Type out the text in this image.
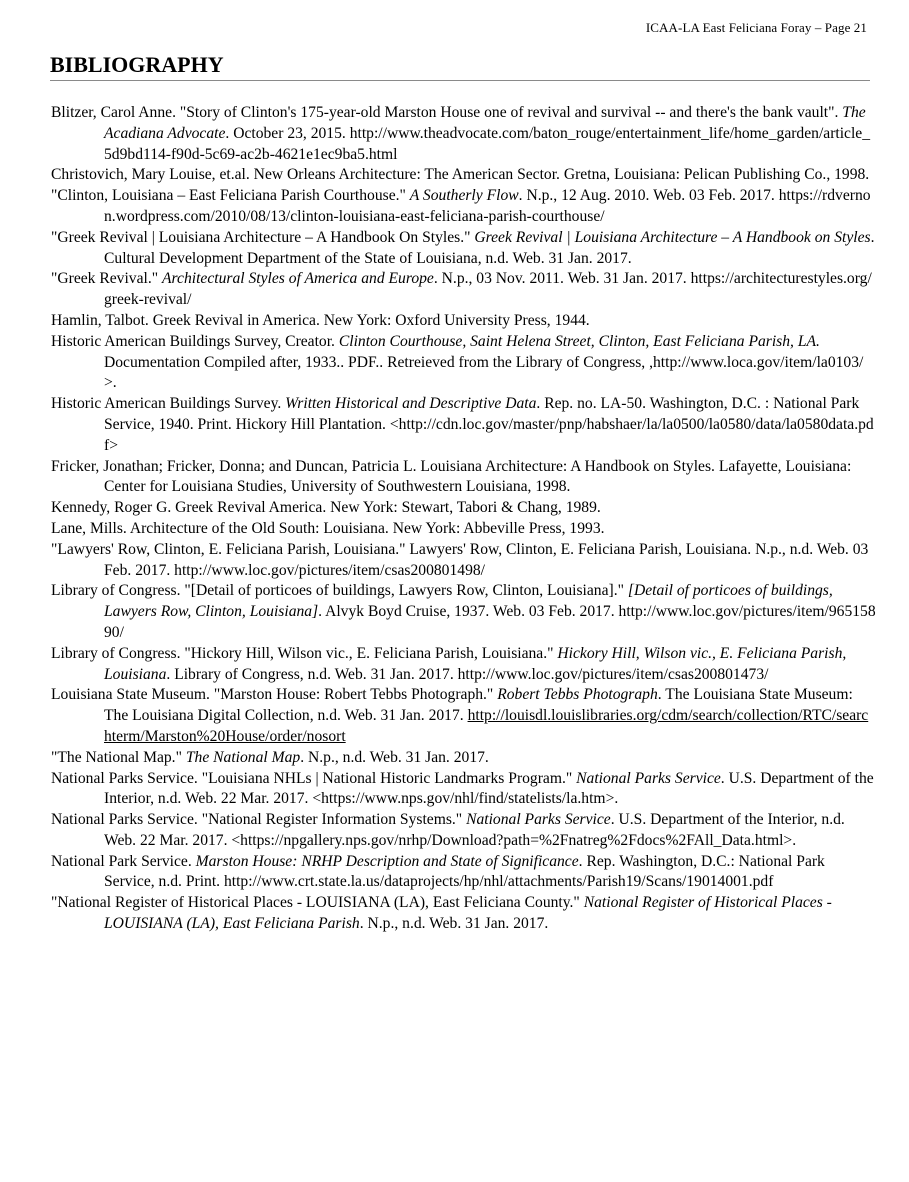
ICAA-LA East Feliciana Foray – Page 21
BIBLIOGRAPHY
Blitzer, Carol Anne. "Story of Clinton's 175-year-old Marston House one of revival and survival -- and there's the bank vault". The Acadiana Advocate. October 23, 2015. http://www.theadvocate.com/baton_rouge/entertainment_life/home_garden/article_5d9bd114-f90d-5c69-ac2b-4621e1ec9ba5.html
Christovich, Mary Louise, et.al. New Orleans Architecture: The American Sector. Gretna, Louisiana: Pelican Publishing Co., 1998.
"Clinton, Louisiana – East Feliciana Parish Courthouse." A Southerly Flow. N.p., 12 Aug. 2010. Web. 03 Feb. 2017. https://rdvernon.wordpress.com/2010/08/13/clinton-louisiana-east-feliciana-parish-courthouse/
"Greek Revival | Louisiana Architecture – A Handbook On Styles." Greek Revival | Louisiana Architecture – A Handbook on Styles. Cultural Development Department of the State of Louisiana, n.d. Web. 31 Jan. 2017.
"Greek Revival." Architectural Styles of America and Europe. N.p., 03 Nov. 2011. Web. 31 Jan. 2017. https://architecturestyles.org/greek-revival/
Hamlin, Talbot. Greek Revival in America. New York: Oxford University Press, 1944.
Historic American Buildings Survey, Creator. Clinton Courthouse, Saint Helena Street, Clinton, East Feliciana Parish, LA. Documentation Compiled after, 1933.. PDF.. Retreieved from the Library of Congress, ,http://www.loca.gov/item/la0103/>.
Historic American Buildings Survey. Written Historical and Descriptive Data. Rep. no. LA-50. Washington, D.C. : National Park Service, 1940. Print. Hickory Hill Plantation. <http://cdn.loc.gov/master/pnp/habshaer/la/la0500/la0580/data/la0580data.pdf>
Fricker, Jonathan; Fricker, Donna; and Duncan, Patricia L. Louisiana Architecture: A Handbook on Styles. Lafayette, Louisiana: Center for Louisiana Studies, University of Southwestern Louisiana, 1998.
Kennedy, Roger G. Greek Revival America. New York: Stewart, Tabori & Chang, 1989.
Lane, Mills. Architecture of the Old South: Louisiana. New York: Abbeville Press, 1993.
"Lawyers' Row, Clinton, E. Feliciana Parish, Louisiana." Lawyers' Row, Clinton, E. Feliciana Parish, Louisiana. N.p., n.d. Web. 03 Feb. 2017. http://www.loc.gov/pictures/item/csas200801498/
Library of Congress. "[Detail of porticoes of buildings, Lawyers Row, Clinton, Louisiana]." [Detail of porticoes of buildings, Lawyers Row, Clinton, Louisiana]. Alvyk Boyd Cruise, 1937. Web. 03 Feb. 2017. http://www.loc.gov/pictures/item/96515890/
Library of Congress. "Hickory Hill, Wilson vic., E. Feliciana Parish, Louisiana." Hickory Hill, Wilson vic., E. Feliciana Parish, Louisiana. Library of Congress, n.d. Web. 31 Jan. 2017. http://www.loc.gov/pictures/item/csas200801473/
Louisiana State Museum. "Marston House: Robert Tebbs Photograph." Robert Tebbs Photograph. The Louisiana State Museum: The Louisiana Digital Collection, n.d. Web. 31 Jan. 2017. http://louisdl.louislibraries.org/cdm/search/collection/RTC/searchterm/Marston%20House/order/nosort
"The National Map." The National Map. N.p., n.d. Web. 31 Jan. 2017.
National Parks Service. "Louisiana NHLs | National Historic Landmarks Program." National Parks Service. U.S. Department of the Interior, n.d. Web. 22 Mar. 2017. <https://www.nps.gov/nhl/find/statelists/la.htm>.
National Parks Service. "National Register Information Systems." National Parks Service. U.S. Department of the Interior, n.d. Web. 22 Mar. 2017. <https://npgallery.nps.gov/nrhp/Download?path=%2Fnatreg%2Fdocs%2FAll_Data.html>.
National Park Service. Marston House: NRHP Description and State of Significance. Rep. Washington, D.C.: National Park Service, n.d. Print. http://www.crt.state.la.us/dataprojects/hp/nhl/attachments/Parish19/Scans/19014001.pdf
"National Register of Historical Places - LOUISIANA (LA), East Feliciana County." National Register of Historical Places - LOUISIANA (LA), East Feliciana Parish. N.p., n.d. Web. 31 Jan. 2017.
